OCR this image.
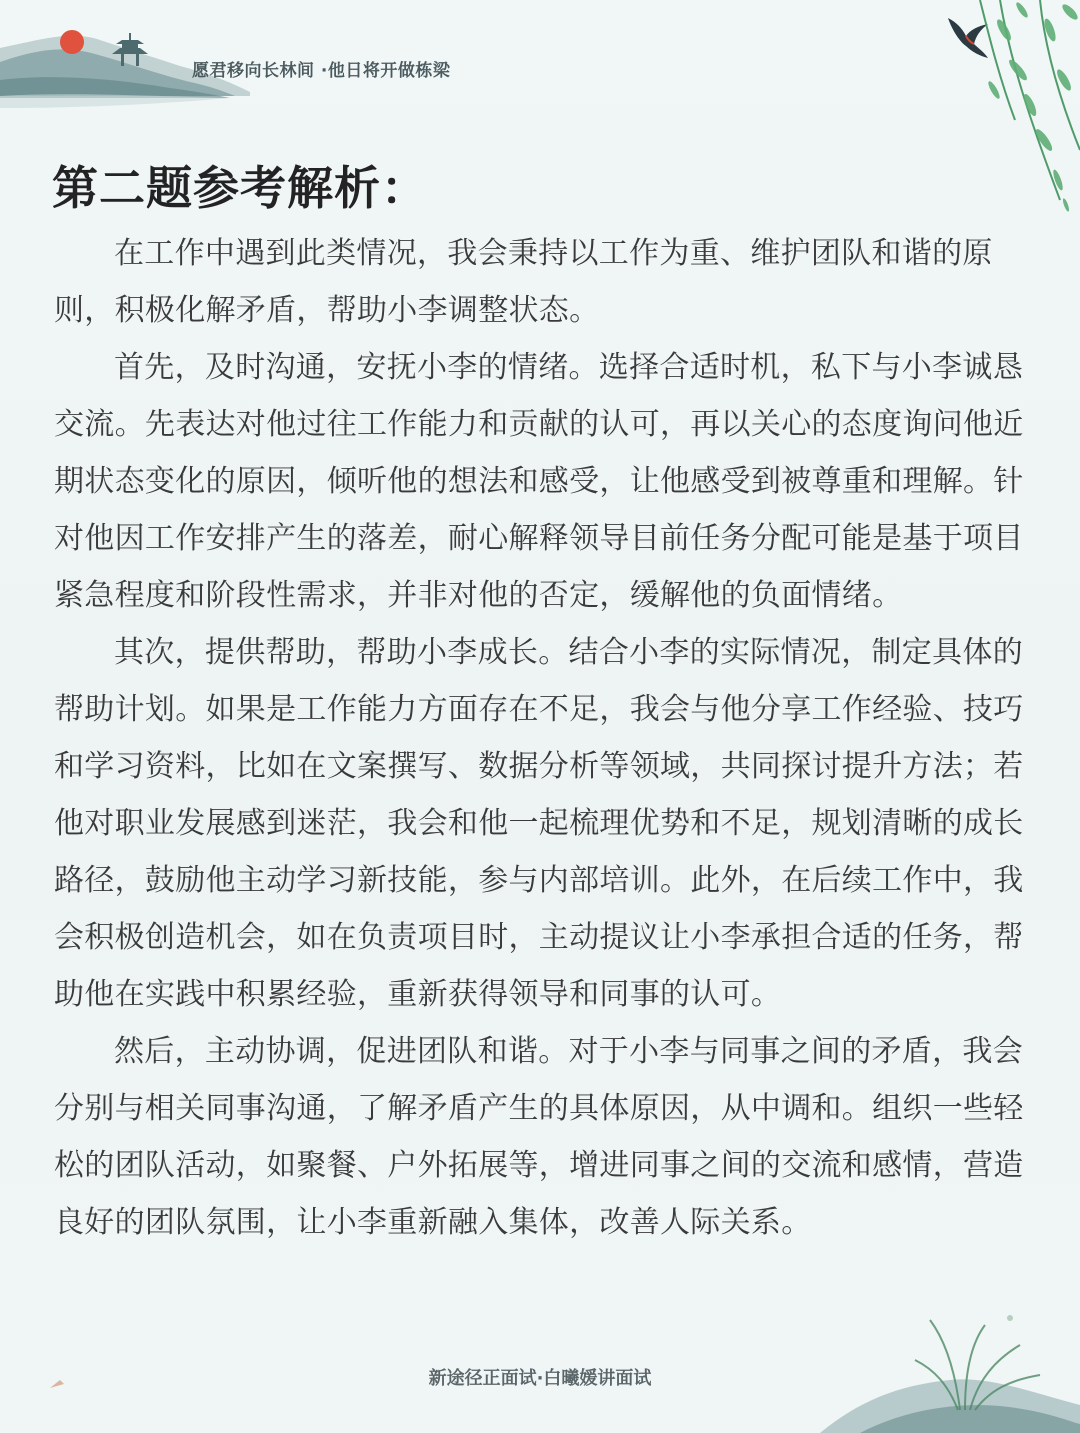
愿君移向长林间 ·他日将开做栋梁
第二题参考解析：

在工作中遇到此类情况，我会秉持以工作为重、维护团队和谐的原则，积极化解矛盾，帮助小李调整状态。

首先，及时沟通，安抚小李的情绪。选择合适时机，私下与小李诚恳交流。先表达对他过往工作能力和贡献的认可，再以关心的态度询问他近期状态变化的原因，倾听他的想法和感受，让他感受到被尊重和理解。针对他因工作安排产生的落差，耐心解释领导目前任务分配可能是基于项目紧急程度和阶段性需求，并非对他的否定，缓解他的负面情绪。

其次，提供帮助，帮助小李成长。结合小李的实际情况，制定具体的帮助计划。如果是工作能力方面存在不足，我会与他分享工作经验、技巧和学习资料，比如在文案撰写、数据分析等领域，共同探讨提升方法；若他对职业发展感到迷茫，我会和他一起梳理优势和不足，规划清晰的成长路径，鼓励他主动学习新技能，参与内部培训。此外，在后续工作中，我会积极创造机会，如在负责项目时，主动提议让小李承担合适的任务，帮助他在实践中积累经验，重新获得领导和同事的认可。

然后，主动协调，促进团队和谐。对于小李与同事之间的矛盾，我会分别与相关同事沟通，了解矛盾产生的具体原因，从中调和。组织一些轻松的团队活动，如聚餐、户外拓展等，增进同事之间的交流和感情，营造良好的团队氛围，让小李重新融入集体，改善人际关系。

新途径正面试·白曦媛讲面试
